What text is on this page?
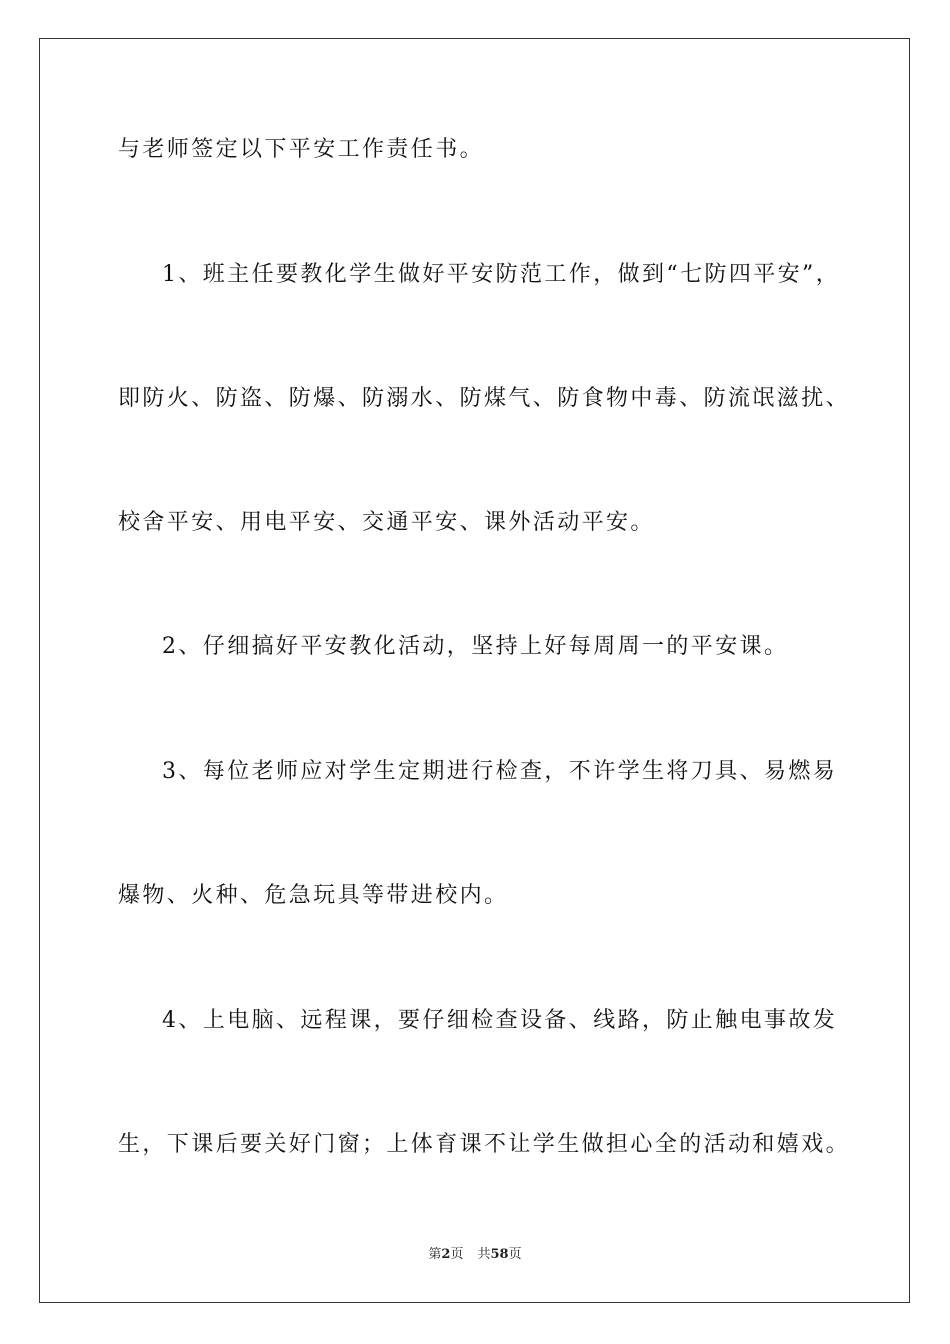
与老师签定以下平安工作责任书。
1、班主任要教化学生做好平安防范工作，做到“七防四平安”，
即防火、防盗、防爆、防溺水、防煤气、防食物中毒、防流氓滋扰、
校舍平安、用电平安、交通平安、课外活动平安。
2、仔细搞好平安教化活动，坚持上好每周周一的平安课。
3、每位老师应对学生定期进行检查，不许学生将刀具、易燃易
爆物、火种、危急玩具等带进校内。
4、上电脑、远程课，要仔细检查设备、线路，防止触电事故发
生，下课后要关好门窗；上体育课不让学生做担心全的活动和嬉戏。
第2页 共58页
